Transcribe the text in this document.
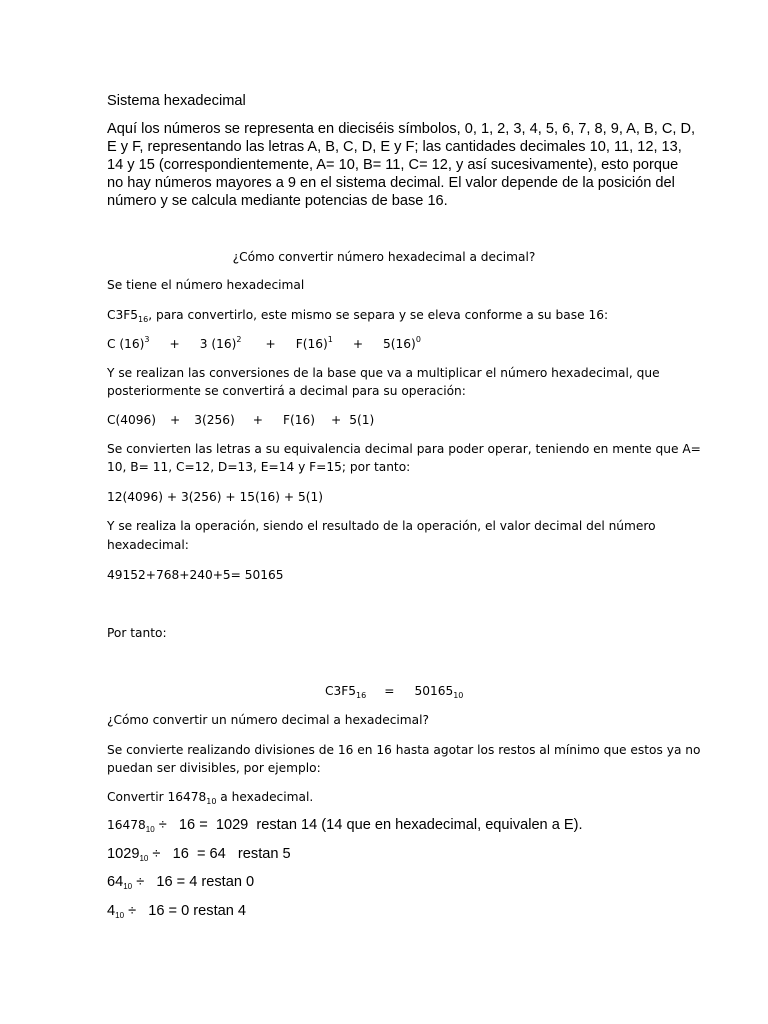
Sistema hexadecimal
Aquí los números se representa en dieciséis símbolos, 0, 1, 2, 3, 4, 5, 6, 7, 8, 9, A, B, C, D,
E y F, representando las letras A, B, C, D, E y F; las cantidades decimales 10, 11, 12, 13,
14 y 15 (correspondientemente, A= 10, B= 11, C= 12, y así sucesivamente), esto porque
no hay números mayores a 9 en el sistema decimal. El valor depende de la posición del
número y se calcula mediante potencias de base 16.
¿Cómo convertir número hexadecimal a decimal?
Se tiene el número hexadecimal
$C3F5_{16}$, para convertirlo, este mismo se separa y se eleva conforme a su base 16:
C $(16)^3 + 3$ $(16)^2 + F(16)^1 + 5(16)^0$
Y se realizan las conversiones de la base que va a multiplicar el número hexadecimal, que
posteriormente se convertirá a decimal para su operación:
C(4096) + 3(256) + F(16) + 5(1)
Se convierten las letras a su equivalencia decimal para poder operar, teniendo en mente que A=
10, B= 11, C=12, D=13, E=14 y F=15; por tanto:
12(4096) + 3(256) + 15(16) + 5(1)
Y se realiza la operación, siendo el resultado de la operación, el valor decimal del número
hexadecimal:
49152+768+240+5= 50165
Por tanto:
$C3F5_{16} = 50165_{10}$
¿Cómo convertir un número decimal a hexadecimal?
Se convierte realizando divisiones de 16 en 16 hasta agotar los restos al mínimo que estos ya no
puedan ser divisibles, por ejemplo:
Convertir $16478_{10}$ a hexadecimal.
$16478_{10} \div 16 = 1029$  restan 14 (14 que en hexadecimal, equivalen a E).
$1029_{10} \div 16 = 64$   restan 5
$64_{10} \div 16 = 4$ restan 0
$4_{10} \div 16 = 0$ restan 4
